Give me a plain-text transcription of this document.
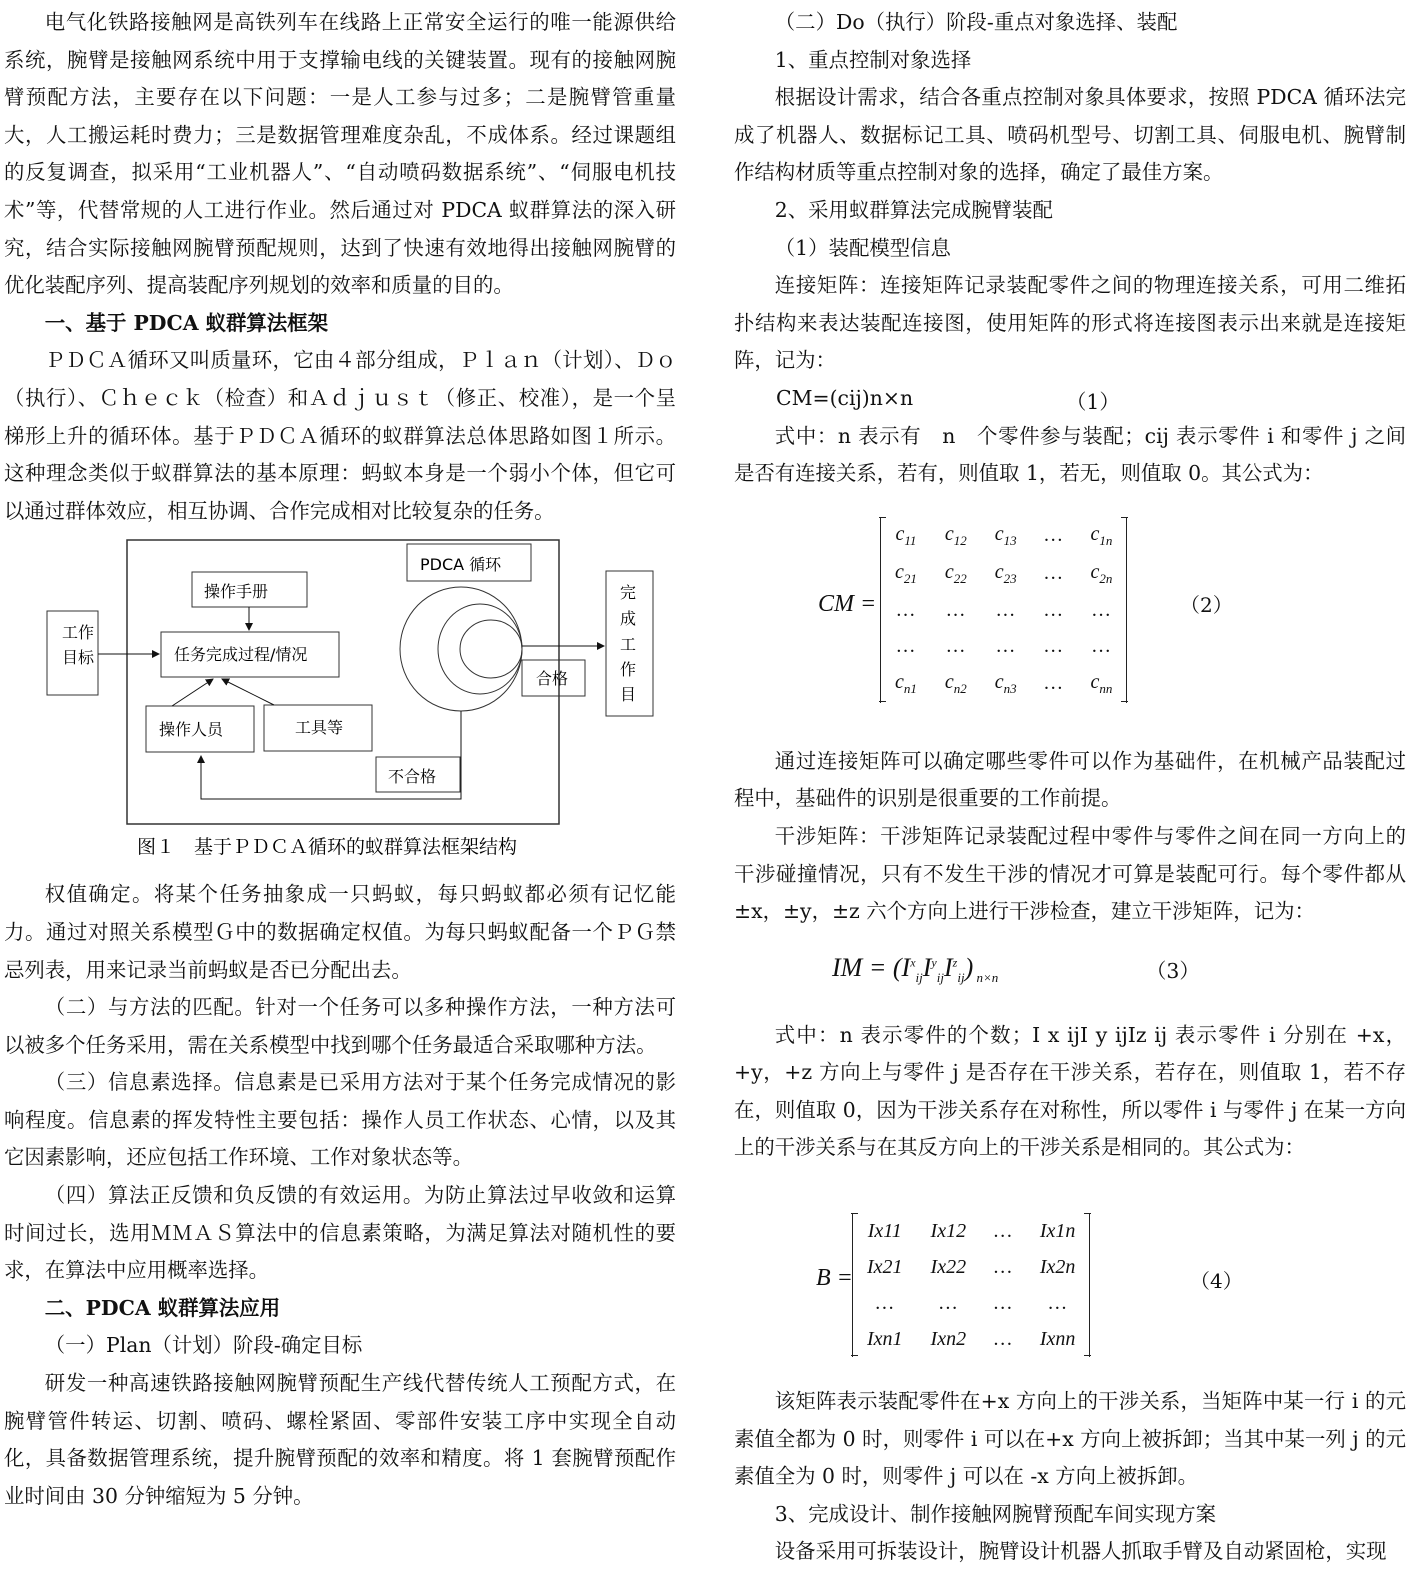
电气化铁路接触网是高铁列车在线路上正常安全运行的唯一能源供给系统，腕臂是接触网系统中用于支撑输电线的关键装置。现有的接触网腕臂预配方法，主要存在以下问题：一是人工参与过多；二是腕臂管重量大，人工搬运耗时费力；三是数据管理难度杂乱，不成体系。经过课题组的反复调查，拟采用“工业机器人”、“自动喷码数据系统”、“伺服电机技术”等，代替常规的人工进行作业。然后通过对 PDCA 蚁群算法的深入研究，结合实际接触网腕臂预配规则，达到了快速有效地得出接触网腕臂的优化装配序列、提高装配序列规划的效率和质量的目的。

一、基于 PDCA 蚁群算法框架

ＰＤＣＡ循环又叫质量环，它由４部分组成，Ｐｌａｎ（计划）、Ｄｏ（执行）、Ｃｈｅｃｋ（检查）和Ａｄｊｕｓｔ（修正、校准），是一个呈梯形上升的循环体。基于ＰＤＣＡ循环的蚁群算法总体思路如图１所示。这种理念类似于蚁群算法的基本原理：蚂蚁本身是一个弱小个体，但它可以通过群体效应，相互协调、合作完成相对比较复杂的任务。

工作
目标
操作手册
任务完成过程/情况
操作人员	工具等
不合格
PDCA 循环
合格
完
成
工
作
目
图１　基于ＰＤＣＡ循环的蚁群算法框架结构

权值确定。将某个任务抽象成一只蚂蚁，每只蚂蚁都必须有记忆能力。通过对照关系模型Ｇ中的数据确定权值。为每只蚂蚁配备一个ＰＧ禁忌列表，用来记录当前蚂蚁是否已分配出去。

（二）与方法的匹配。针对一个任务可以多种操作方法，一种方法可以被多个任务采用，需在关系模型中找到哪个任务最适合采取哪种方法。

（三）信息素选择。信息素是已采用方法对于某个任务完成情况的影响程度。信息素的挥发特性主要包括：操作人员工作状态、心情，以及其它因素影响，还应包括工作环境、工作对象状态等。

（四）算法正反馈和负反馈的有效运用。为防止算法过早收敛和运算时间过长，选用ＭＭＡＳ算法中的信息素策略，为满足算法对随机性的要求，在算法中应用概率选择。

二、PDCA 蚁群算法应用

（一）Plan（计划）阶段-确定目标

研发一种高速铁路接触网腕臂预配生产线代替传统人工预配方式，在腕臂管件转运、切割、喷码、螺栓紧固、零部件安装工序中实现全自动化，具备数据管理系统，提升腕臂预配的效率和精度。将 1 套腕臂预配作业时间由 30 分钟缩短为 5 分钟。

（二）Do（执行）阶段-重点对象选择、装配

1、重点控制对象选择

根据设计需求，结合各重点控制对象具体要求，按照 PDCA 循环法完成了机器人、数据标记工具、喷码机型号、切割工具、伺服电机、腕臂制作结构材质等重点控制对象的选择，确定了最佳方案。

2、采用蚁群算法完成腕臂装配

（1）装配模型信息

连接矩阵：连接矩阵记录装配零件之间的物理连接关系，可用二维拓扑结构来表达装配连接图，使用矩阵的形式将连接图表示出来就是连接矩阵，记为：

CM=(cij)n×n	（1）

式中：n 表示有　n　个零件参与装配；cij 表示零件 i 和零件 j 之间是否有连接关系，若有，则值取 1，若无，则值取 0。其公式为：

CM =
$c_{11}$	$c_{12}$	$c_{13}$	…	$c_{1n}$
$c_{21}$	$c_{22}$	$c_{23}$	…	$c_{2n}$
…	…	…	…	…
…	…	…	…	…
$c_{n1}$	$c_{n2}$	$c_{n3}$	…	$c_{nn}$
（2）

通过连接矩阵可以确定哪些零件可以作为基础件，在机械产品装配过程中，基础件的识别是很重要的工作前提。

干涉矩阵：干涉矩阵记录装配过程中零件与零件之间在同一方向上的干涉碰撞情况，只有不发生干涉的情况才可算是装配可行。每个零件都从 ±x，±y，±z 六个方向上进行干涉检查，建立干涉矩阵，记为：

IM = $(I^x_{ij}I^y_{ij}I^z_{ij})$ $_{n\times n}$	（3）

式中：n 表示零件的个数；I x ijI y ijIz ij 表示零件 i 分别在 +x，+y，+z 方向上与零件 j 是否存在干涉关系，若存在，则值取 1，若不存在，则值取 0，因为干涉关系存在对称性，所以零件 i 与零件 j 在某一方向上的干涉关系与在其反方向上的干涉关系是相同的。其公式为：

B =
Ix11	Ix12	…	Ix1n
Ix21	Ix22	…	Ix2n
…	…	…	…
Ixn1	Ixn2	…	Ixnn
（4）

该矩阵表示装配零件在+x 方向上的干涉关系，当矩阵中某一行 i 的元素值全都为 0 时，则零件 i 可以在+x 方向上被拆卸；当其中某一列 j 的元素值全为 0 时，则零件 j 可以在 -x 方向上被拆卸。

3、完成设计、制作接触网腕臂预配车间实现方案

设备采用可拆装设计，腕臂设计机器人抓取手臂及自动紧固枪，实现
